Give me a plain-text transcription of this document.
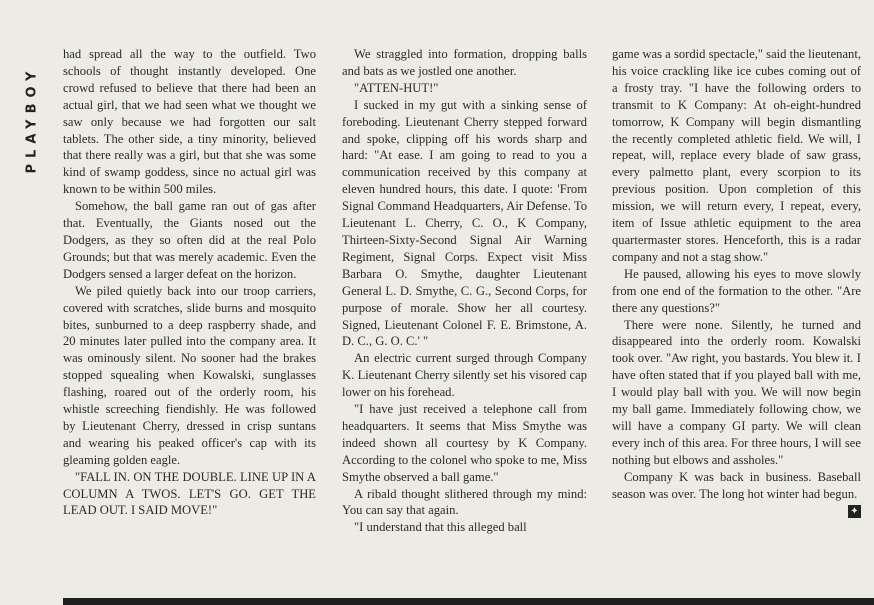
PLAYBOY

had spread all the way to the outfield. Two schools of thought instantly developed. One crowd refused to believe that there had been an actual girl, that we had seen what we thought we saw only because we had forgotten our salt tablets. The other side, a tiny minority, believed that there really was a girl, but that she was some kind of swamp goddess, since no actual girl was known to be within 500 miles.

Somehow, the ball game ran out of gas after that. Eventually, the Giants nosed out the Dodgers, as they so often did at the real Polo Grounds; but that was merely academic. Even the Dodgers sensed a larger defeat on the horizon.

We piled quietly back into our troop carriers, covered with scratches, slide burns and mosquito bites, sunburned to a deep raspberry shade, and 20 minutes later pulled into the company area. It was ominously silent. No sooner had the brakes stopped squealing when Kowalski, sunglasses flashing, roared out of the orderly room, his whistle screeching fiendishly. He was followed by Lieutenant Cherry, dressed in crisp suntans and wearing his peaked officer's cap with its gleaming golden eagle.

"FALL IN. ON THE DOUBLE. LINE UP IN A COLUMN A TWOS. LET'S GO. GET THE LEAD OUT. I SAID MOVE!"

We straggled into formation, dropping balls and bats as we jostled one another.

"ATTEN-HUT!"

I sucked in my gut with a sinking sense of foreboding. Lieutenant Cherry stepped forward and spoke, clipping off his words sharp and hard: "At ease. I am going to read to you a communication received by this company at eleven hundred hours, this date. I quote: 'From Signal Command Headquarters, Air Defense. To Lieutenant L. Cherry, C. O., K Company, Thirteen-Sixty-Second Signal Air Warning Regiment, Signal Corps. Expect visit Miss Barbara O. Smythe, daughter Lieutenant General L. D. Smythe, C. G., Second Corps, for purpose of morale. Show her all courtesy. Signed, Lieutenant Colonel F. E. Brimstone, A. D. C., G. O. C.' "

An electric current surged through Company K. Lieutenant Cherry silently set his visored cap lower on his forehead.

"I have just received a telephone call from headquarters. It seems that Miss Smythe was indeed shown all courtesy by K Company. According to the colonel who spoke to me, Miss Smythe observed a ball game."

A ribald thought slithered through my mind: You can say that again.

"I understand that this alleged ball

game was a sordid spectacle," said the lieutenant, his voice crackling like ice cubes coming out of a frosty tray. "I have the following orders to transmit to K Company: At oh-eight-hundred tomorrow, K Company will begin dismantling the recently completed athletic field. We will, I repeat, will, replace every blade of saw grass, every palmetto plant, every scorpion to its previous position. Upon completion of this mission, we will return every, I repeat, every, item of Issue athletic equipment to the area quartermaster stores. Henceforth, this is a radar company and not a stag show."

He paused, allowing his eyes to move slowly from one end of the formation to the other. "Are there any questions?"

There were none. Silently, he turned and disappeared into the orderly room. Kowalski took over. "Aw right, you bastards. You blew it. I have often stated that if you played ball with me, I would play ball with you. We will now begin my ball game. Immediately following chow, we will have a company GI party. We will clean every inch of this area. For three hours, I will see nothing but elbows and assholes."

Company K was back in business. Baseball season was over. The long hot winter had begun.

✦
